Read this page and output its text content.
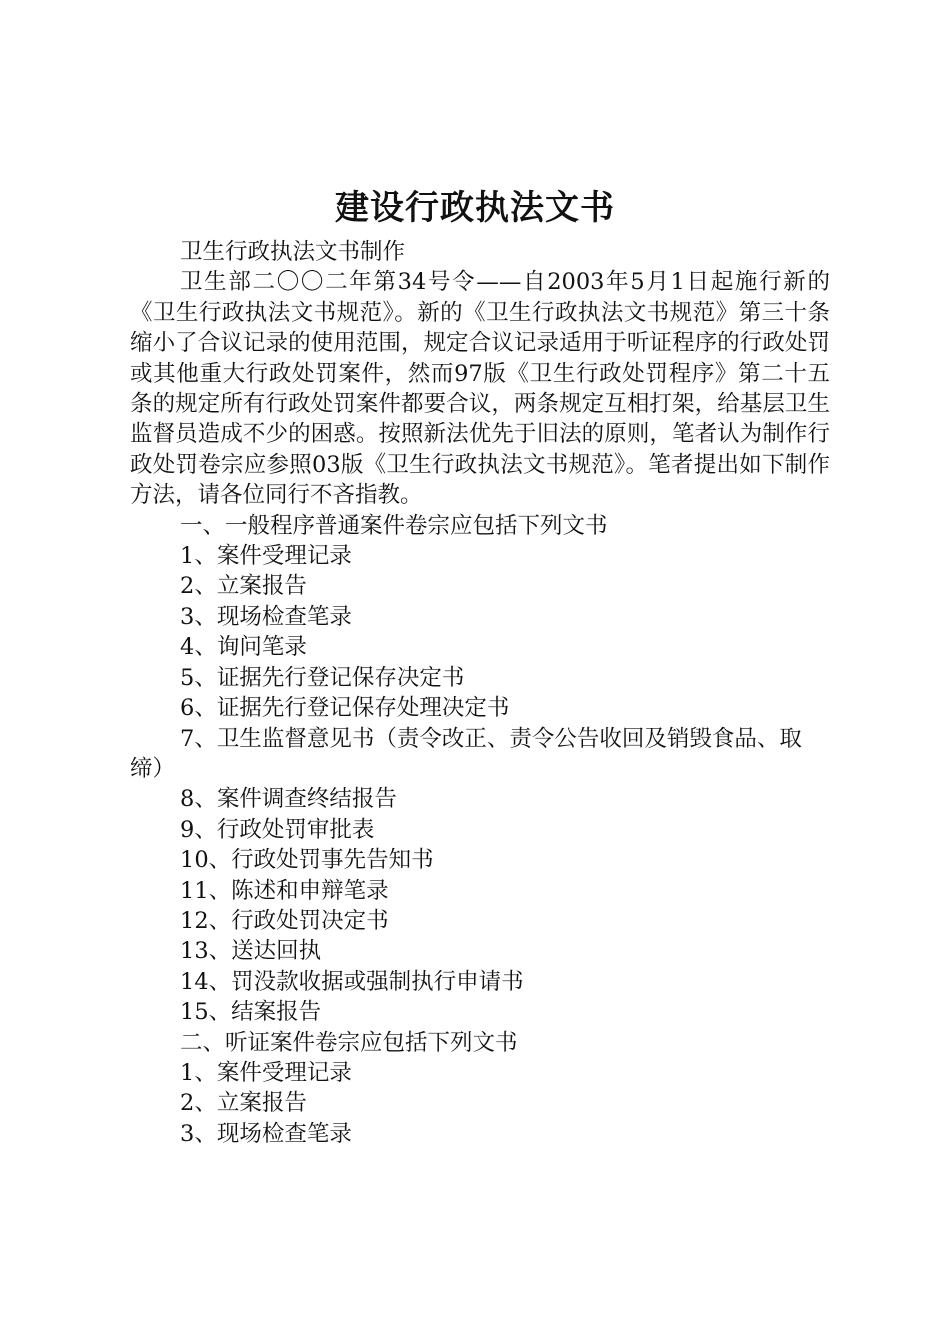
建设行政执法文书

卫生行政执法文书制作

卫生部二〇〇二年第34号令——自2003年5月1日起施行新的《卫生行政执法文书规范》。新的《卫生行政执法文书规范》第三十条缩小了合议记录的使用范围，规定合议记录适用于听证程序的行政处罚或其他重大行政处罚案件，然而97版《卫生行政处罚程序》第二十五条的规定所有行政处罚案件都要合议，两条规定互相打架，给基层卫生监督员造成不少的困惑。按照新法优先于旧法的原则，笔者认为制作行政处罚卷宗应参照03版《卫生行政执法文书规范》。笔者提出如下制作方法，请各位同行不吝指教。

一、一般程序普通案件卷宗应包括下列文书

1、案件受理记录

2、立案报告

3、现场检查笔录

4、询问笔录

5、证据先行登记保存决定书

6、证据先行登记保存处理决定书

7、卫生监督意见书（责令改正、责令公告收回及销毁食品、取缔）

8、案件调查终结报告

9、行政处罚审批表

10、行政处罚事先告知书

11、陈述和申辩笔录

12、行政处罚决定书

13、送达回执

14、罚没款收据或强制执行申请书

15、结案报告

二、听证案件卷宗应包括下列文书

1、案件受理记录

2、立案报告

3、现场检查笔录
